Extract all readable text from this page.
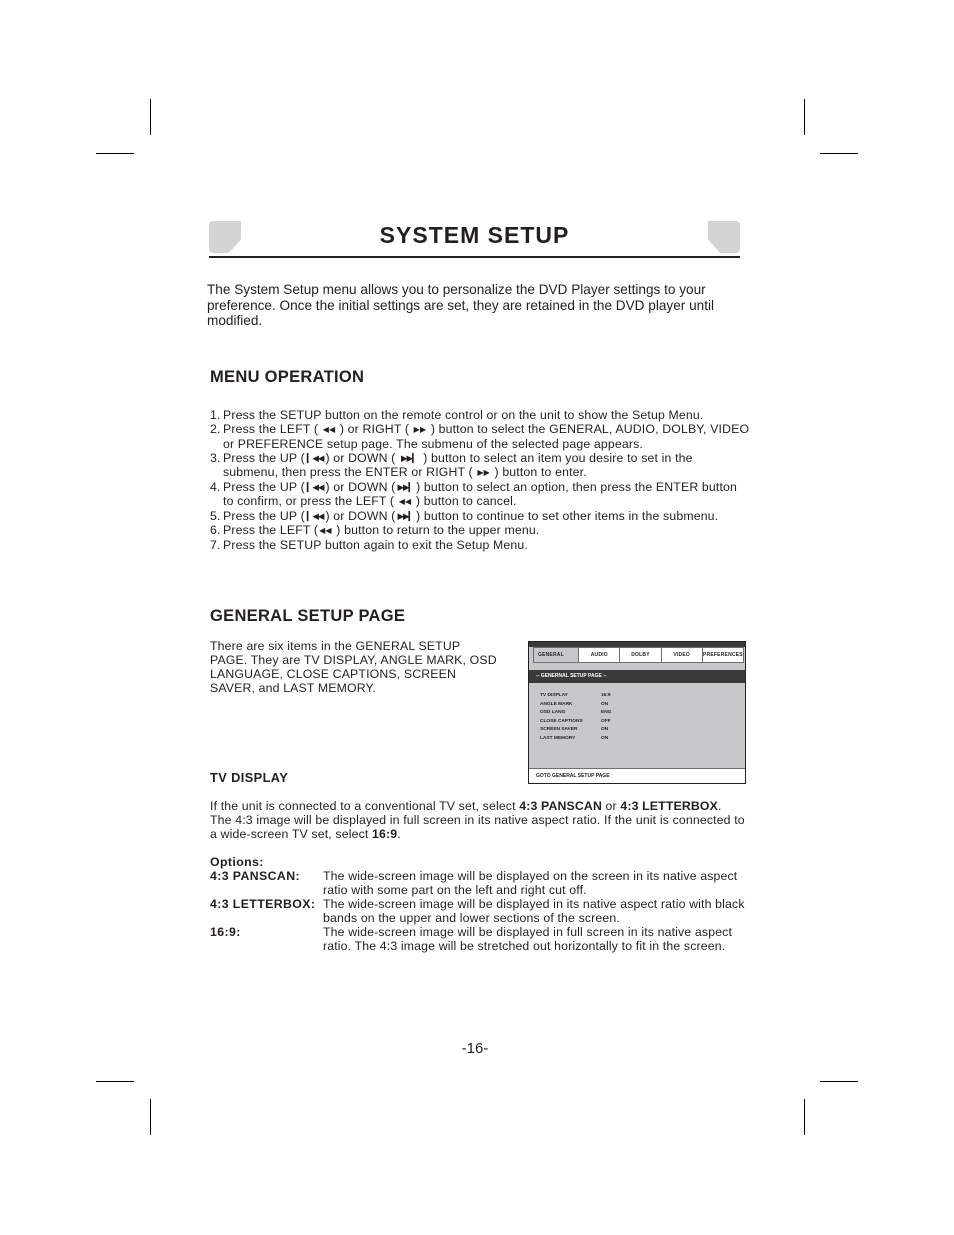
SYSTEM SETUP
The System Setup menu allows you to personalize the DVD Player settings to your preference. Once the initial settings are set, they are retained in the DVD player until modified.
MENU OPERATION
1. Press the SETUP button on the remote control or on the unit to show the Setup Menu.
2. Press the LEFT ( ◀◀ ) or RIGHT ( ▶▶ ) button to select the GENERAL, AUDIO, DOLBY, VIDEO or PREFERENCE setup page. The submenu of the selected page appears.
3. Press the UP ( ▎◀◀ ) or DOWN ( ▶▶▎ ) button to select an item you desire to set in the submenu, then press the ENTER or RIGHT ( ▶▶ ) button to enter.
4. Press the UP ( ▎◀◀ ) or DOWN ( ▶▶▎ ) button to select an option, then press the ENTER button to confirm, or press the LEFT ( ◀◀ ) button to cancel.
5. Press the UP ( ▎◀◀ ) or DOWN ( ▶▶▎ ) button to continue to set other items in the submenu.
6. Press the LEFT (◀◀ ) button to return to the upper menu.
7. Press the SETUP button again to exit the Setup Menu.
GENERAL SETUP PAGE
There are six items in the GENERAL SETUP PAGE. They are TV DISPLAY, ANGLE MARK, OSD LANGUAGE, CLOSE CAPTIONS, SCREEN SAVER, and LAST MEMORY.
GENERAL	AUDIO	DOLBY	VIDEO	PREFERENCES
-- GENERNAL SETUP PAGE --
TV DISPLAY	16:9
ANGLE MARK	ON
OSD LANG	ENG
CLOSE CAPTIONS	OFF
SCREEN SAVER	ON
LAST MEMORY	ON
GOTO GENERAL SETUP PAGE
TV DISPLAY
If the unit is connected to a conventional TV set, select 4:3 PANSCAN or 4:3 LETTERBOX. The 4:3 image will be displayed in full screen in its native aspect ratio. If the unit is connected to a wide-screen TV set, select 16:9.
Options:
4:3 PANSCAN: The wide-screen image will be displayed on the screen in its native aspect ratio with some part on the left and right cut off.
4:3 LETTERBOX: The wide-screen image will be displayed in its native aspect ratio with black bands on the upper and lower sections of the screen.
16:9:	The wide-screen image will be displayed in full screen in its native aspect ratio. The 4:3 image will be stretched out horizontally to fit in the screen.
-16-
